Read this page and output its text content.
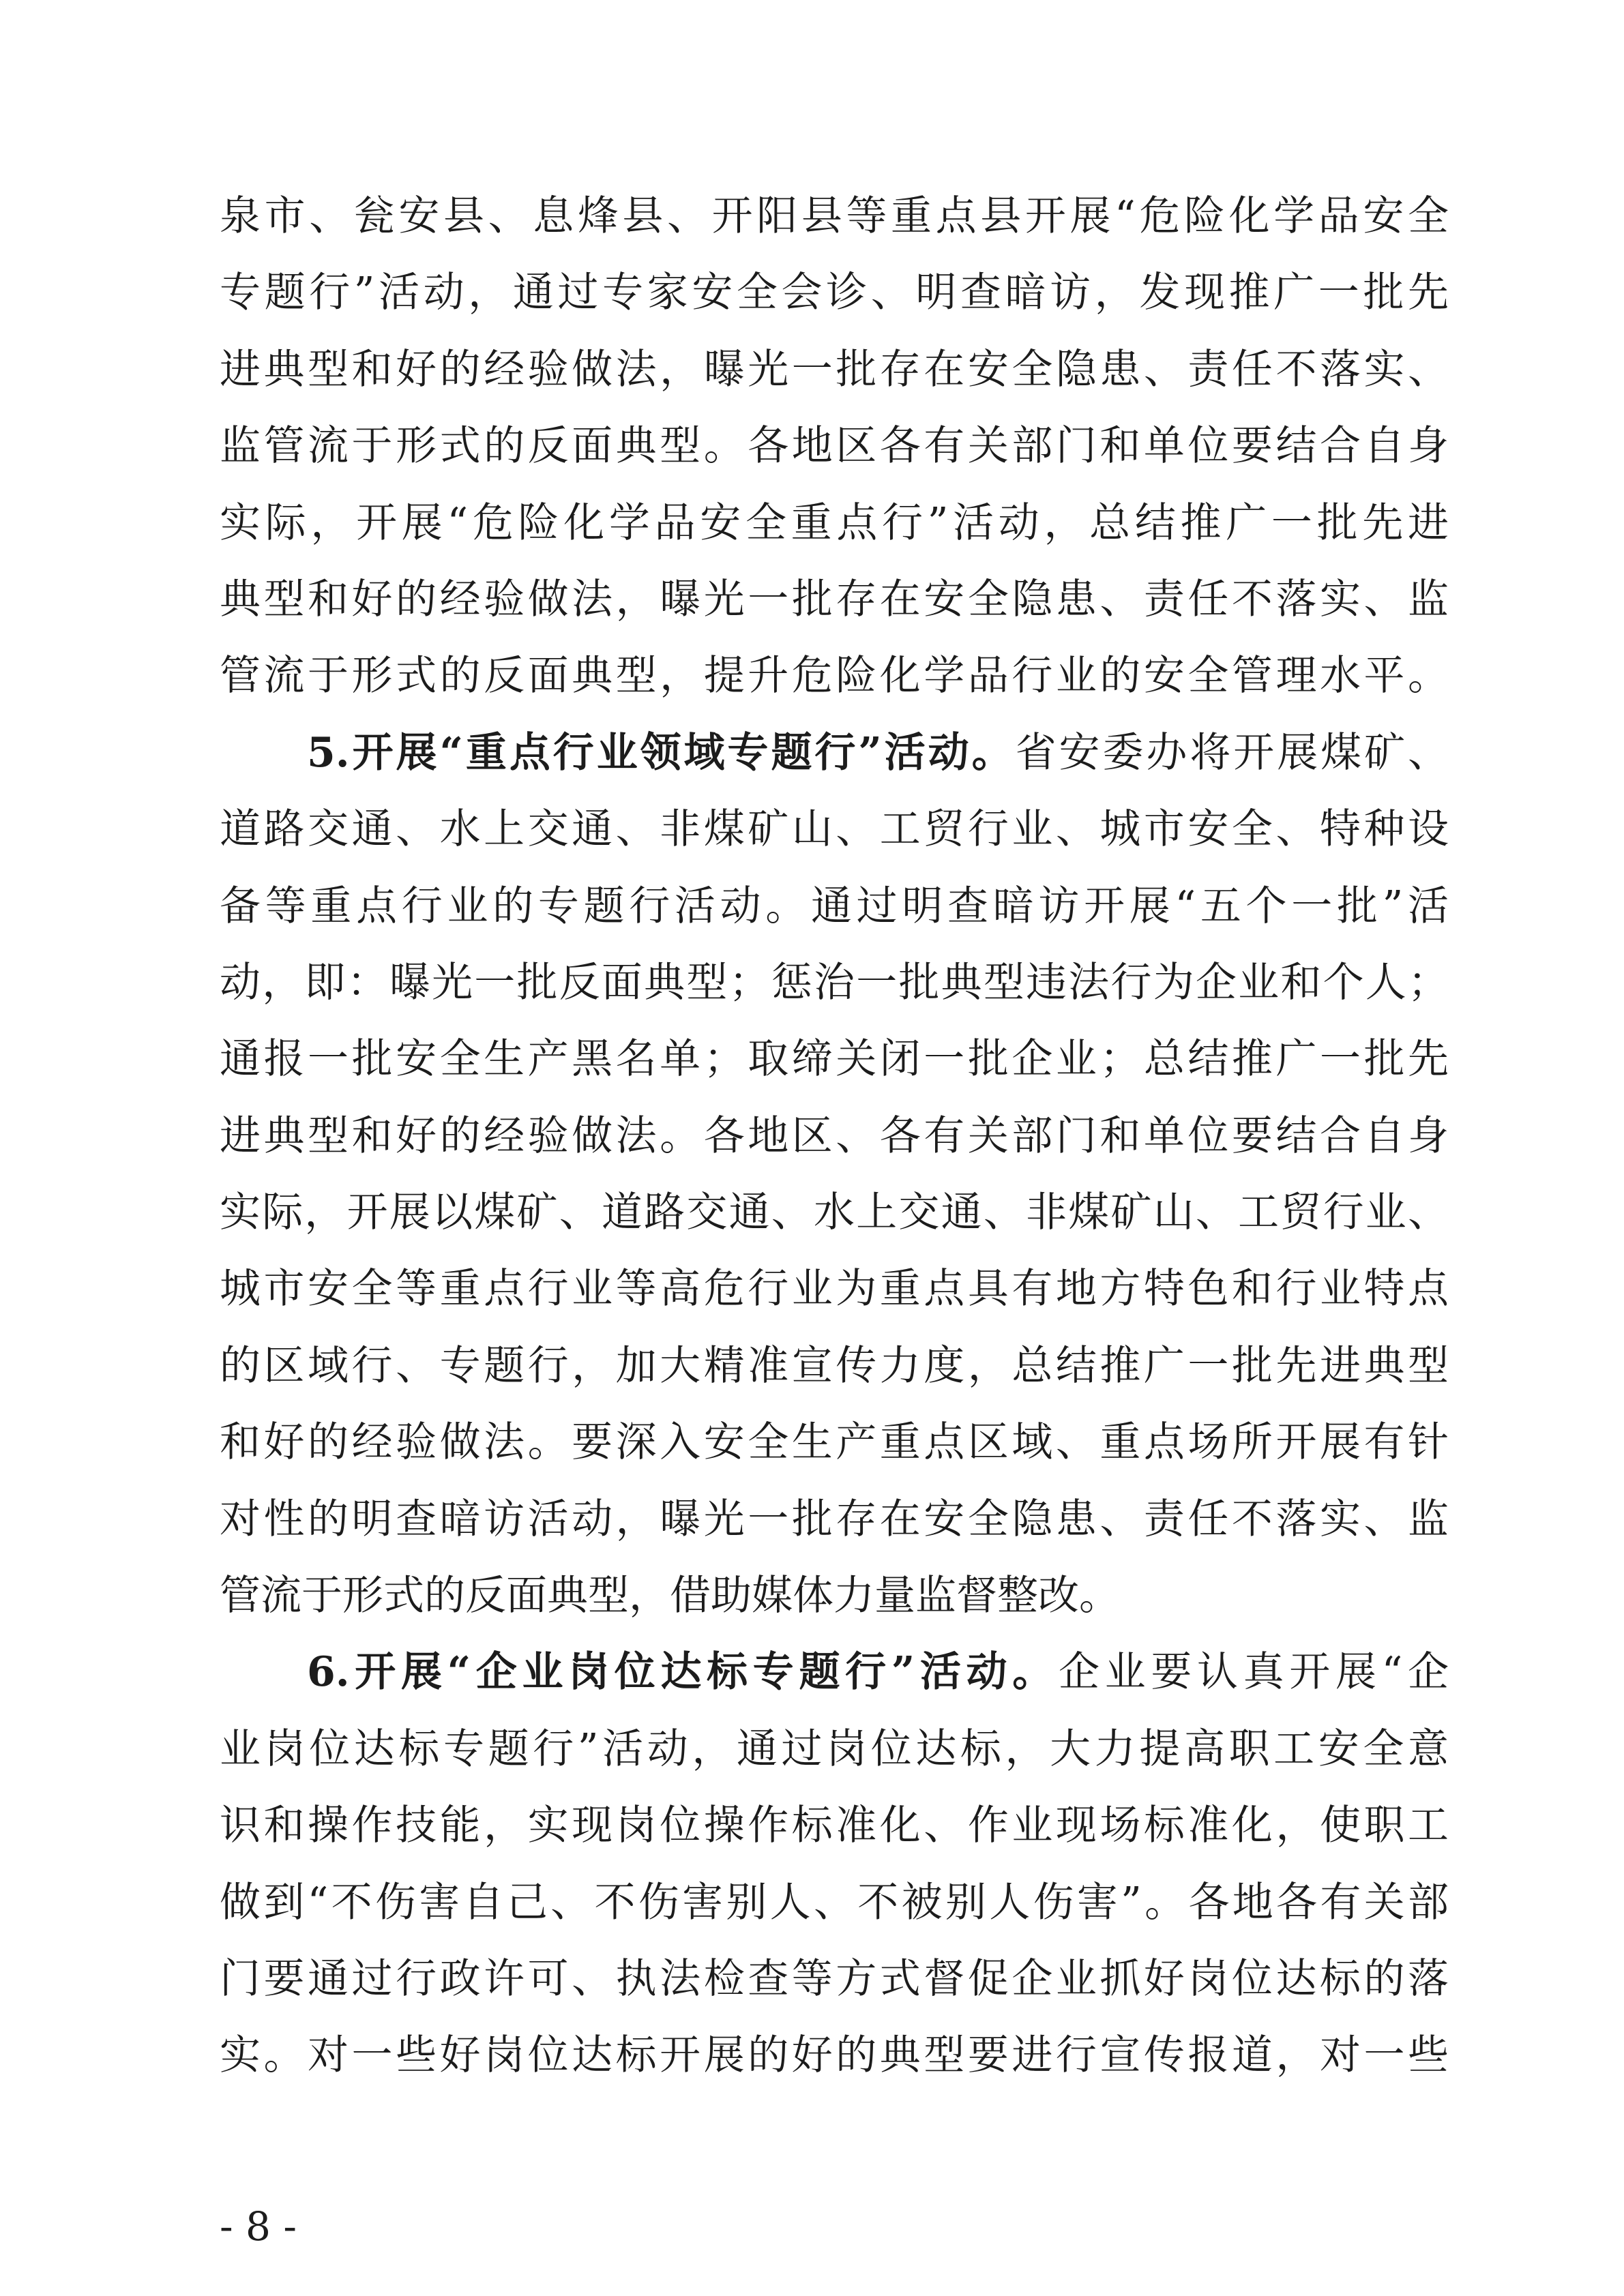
泉市、瓮安县、息烽县、开阳县等重点县开展“危险化学品安全
专题行”活动，通过专家安全会诊、明查暗访，发现推广一批先
进典型和好的经验做法，曝光一批存在安全隐患、责任不落实、
监管流于形式的反面典型。各地区各有关部门和单位要结合自身
实际，开展“危险化学品安全重点行”活动，总结推广一批先进
典型和好的经验做法，曝光一批存在安全隐患、责任不落实、监
管流于形式的反面典型，提升危险化学品行业的安全管理水平。
5.开展“重点行业领域专题行”活动。省安委办将开展煤矿、
道路交通、水上交通、非煤矿山、工贸行业、城市安全、特种设
备等重点行业的专题行活动。通过明查暗访开展“五个一批”活
动，即：曝光一批反面典型；惩治一批典型违法行为企业和个人；
通报一批安全生产黑名单；取缔关闭一批企业；总结推广一批先
进典型和好的经验做法。各地区、各有关部门和单位要结合自身
实际，开展以煤矿、道路交通、水上交通、非煤矿山、工贸行业、
城市安全等重点行业等高危行业为重点具有地方特色和行业特点
的区域行、专题行，加大精准宣传力度，总结推广一批先进典型
和好的经验做法。要深入安全生产重点区域、重点场所开展有针
对性的明查暗访活动，曝光一批存在安全隐患、责任不落实、监
管流于形式的反面典型，借助媒体力量监督整改。
6.开展“企业岗位达标专题行”活动。企业要认真开展“企
业岗位达标专题行”活动，通过岗位达标，大力提高职工安全意
识和操作技能，实现岗位操作标准化、作业现场标准化，使职工
做到“不伤害自己、不伤害别人、不被别人伤害”。各地各有关部
门要通过行政许可、执法检查等方式督促企业抓好岗位达标的落
实。对一些好岗位达标开展的好的典型要进行宣传报道，对一些
- 8 -
